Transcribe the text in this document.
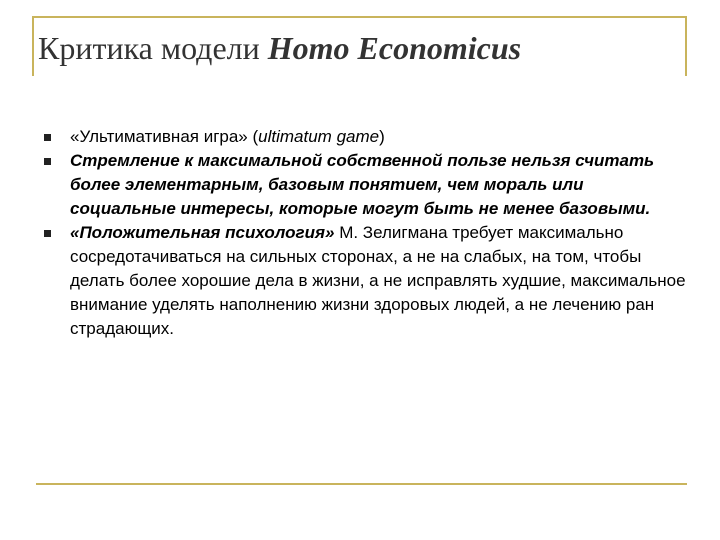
Критика модели Homo Economicus
«Ультимативная игра» (ultimatum game)
Стремление к максимальной собственной пользе нельзя считать более элементарным, базовым понятием, чем мораль или социальные интересы, которые могут быть не менее базовыми.
«Положительная психология» М. Зелигмана требует максимально сосредотачиваться на сильных сторонах, а не на слабых, на том, чтобы делать более хорошие дела в жизни, а не исправлять худшие, максимальное внимание уделять наполнению жизни здоровых людей, а не лечению ран страдающих.
